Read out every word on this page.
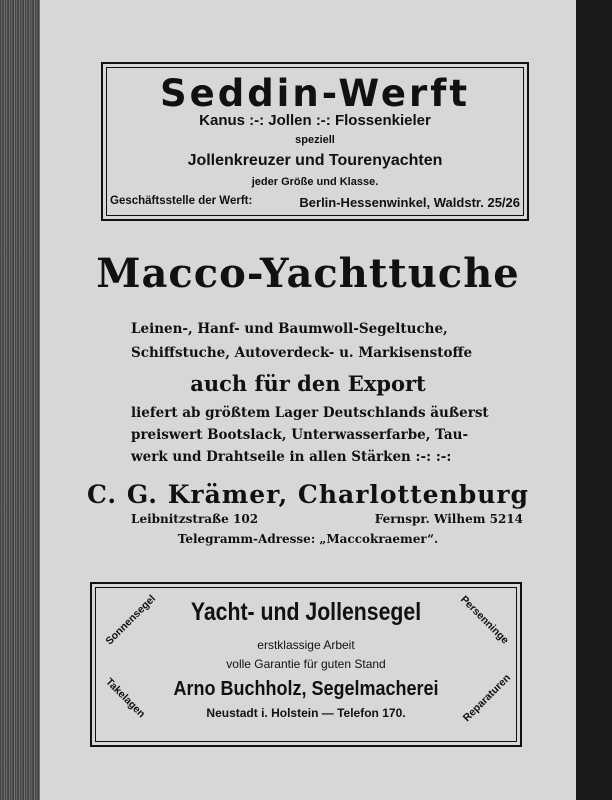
Seddin-Werft
Kanus :-: Jollen :-: Flossenkieler
speziell
Jollenkreuzer und Tourenyachten
jeder Größe und Klasse.
Geschäftsstelle der Werft:	Berlin-Hessenwinkel, Waldstr. 25/26
Macco-Yachttuche
Leinen-, Hanf- und Baumwoll-Segeltuche,
Schiffstuche, Autoverdeck- u. Markisenstoffe
auch für den Export
liefert ab größtem Lager Deutschlands äußerst
preiswert Bootslack, Unterwasserfarbe, Tau-
werk und Drahtseile in allen Stärken :-: :-:
C. G. Krämer, Charlottenburg
Leibnitzstraße 102	Fernspr. Wilhem 5214
Telegramm-Adresse: „Maccokraemer“.
Yacht- und Jollensegel
erstklassige Arbeit
volle Garantie für guten Stand
Arno Buchholz, Segelmacherei
Neustadt i. Holstein — Telefon 170.
Sonnensegel	Persenninge
Takelagen	Reparaturen
